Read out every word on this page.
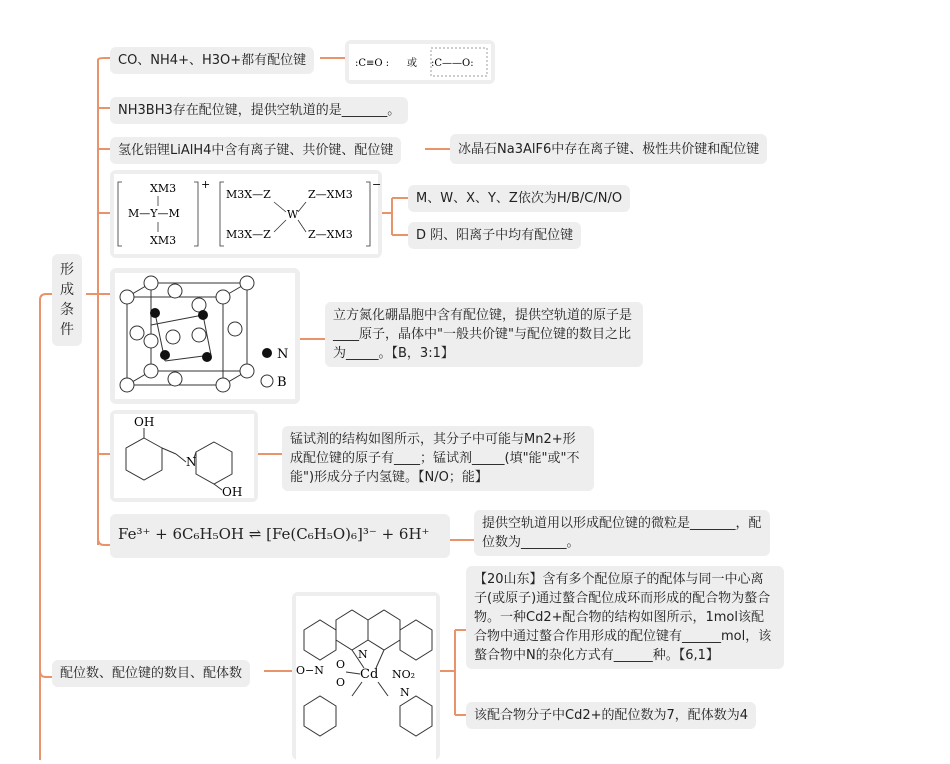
形
成
条
件
CO、NH4+、H3O+都有配位键	:C≡O : 或 :C——O:
NH3BH3存在配位键，提供空轨道的是_______。
氢化铝锂LiAlH4中含有离子键、共价键、配位键	冰晶石Na3AlF6中存在离子键、极性共价键和配位键
XM3
M—Y—M
XM3
+
M3X—Z	Z—XM3
W
M3X—Z	Z—XM3
−
M、W、X、Y、Z依次为H/B/C/N/O
D 阴、阳离子中均有配位键
N
B
立方氮化硼晶胞中含有配位键，提供空轨道的原子是____原子，晶体中"一般共价键"与配位键的数目之比为_____。【B，3:1】
OH
N
OH
锰试剂的结构如图所示，其分子中可能与Mn2+形成配位键的原子有____；锰试剂_____(填"能"或"不能")形成分子内氢键。【N/O；能】
Fe³⁺ + 6C₆H₅OH ⇌ [Fe(C₆H₅O)₆]³⁻ + 6H⁺
提供空轨道用以形成配位键的微粒是_______，配位数为_______。
配位数、配位键的数目、配体数	O−N O
O
Cd NO₂
N
N
【20山东】含有多个配位原子的配体与同一中心离子(或原子)通过螯合配位成环而形成的配合物为螯合物。一种Cd2+配合物的结构如图所示，1mol该配合物中通过螯合作用形成的配位键有______mol，该螯合物中N的杂化方式有______种。【6,1】
该配合物分子中Cd2+的配位数为7，配体数为4
